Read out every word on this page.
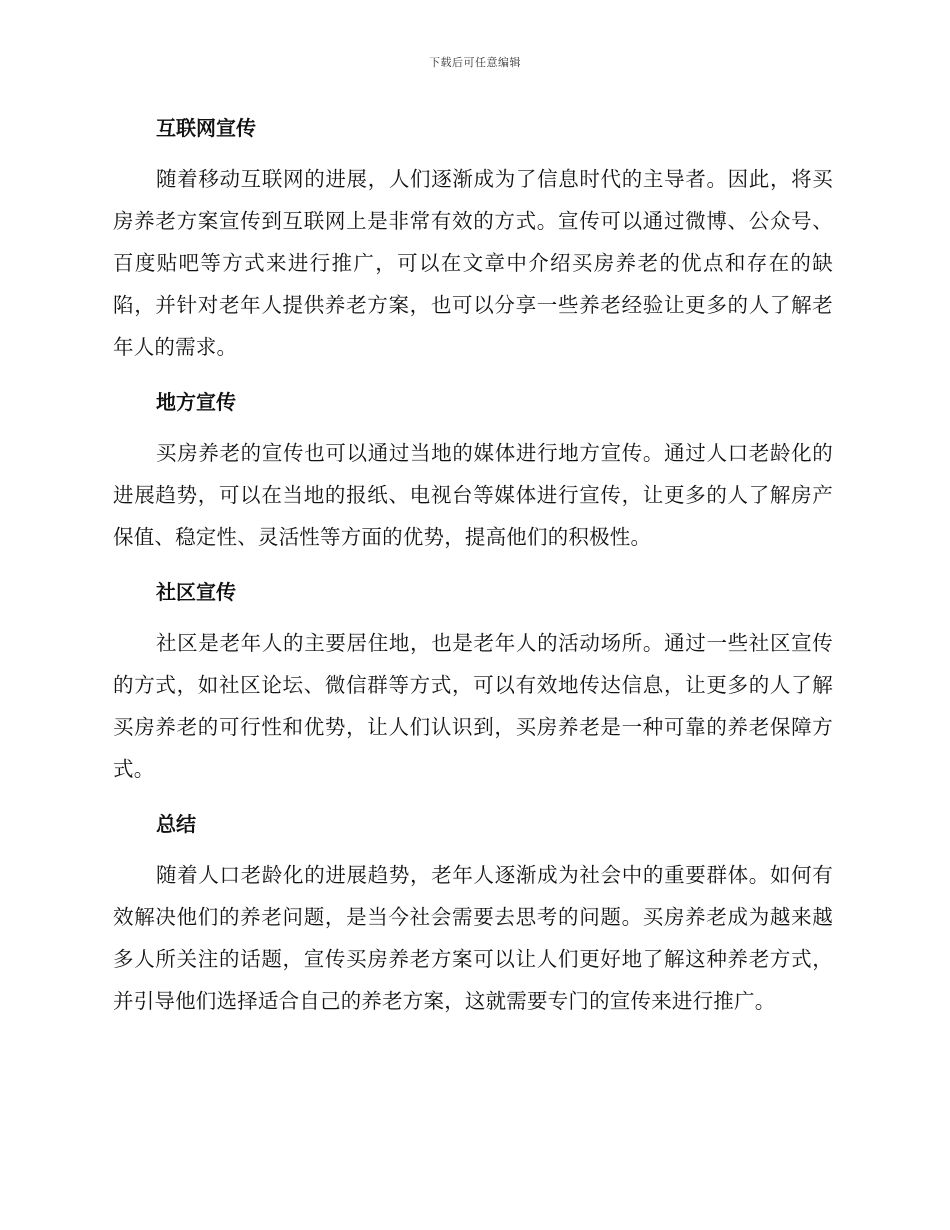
下载后可任意编辑
互联网宣传

随着移动互联网的进展，人们逐渐成为了信息时代的主导者。因此，将买房养老方案宣传到互联网上是非常有效的方式。宣传可以通过微博、公众号、百度贴吧等方式来进行推广，可以在文章中介绍买房养老的优点和存在的缺陷，并针对老年人提供养老方案，也可以分享一些养老经验让更多的人了解老年人的需求。

地方宣传

买房养老的宣传也可以通过当地的媒体进行地方宣传。通过人口老龄化的进展趋势，可以在当地的报纸、电视台等媒体进行宣传，让更多的人了解房产保值、稳定性、灵活性等方面的优势，提高他们的积极性。

社区宣传

社区是老年人的主要居住地，也是老年人的活动场所。通过一些社区宣传的方式，如社区论坛、微信群等方式，可以有效地传达信息，让更多的人了解买房养老的可行性和优势，让人们认识到，买房养老是一种可靠的养老保障方式。

总结

随着人口老龄化的进展趋势，老年人逐渐成为社会中的重要群体。如何有效解决他们的养老问题，是当今社会需要去思考的问题。买房养老成为越来越多人所关注的话题，宣传买房养老方案可以让人们更好地了解这种养老方式，并引导他们选择适合自己的养老方案，这就需要专门的宣传来进行推广。
